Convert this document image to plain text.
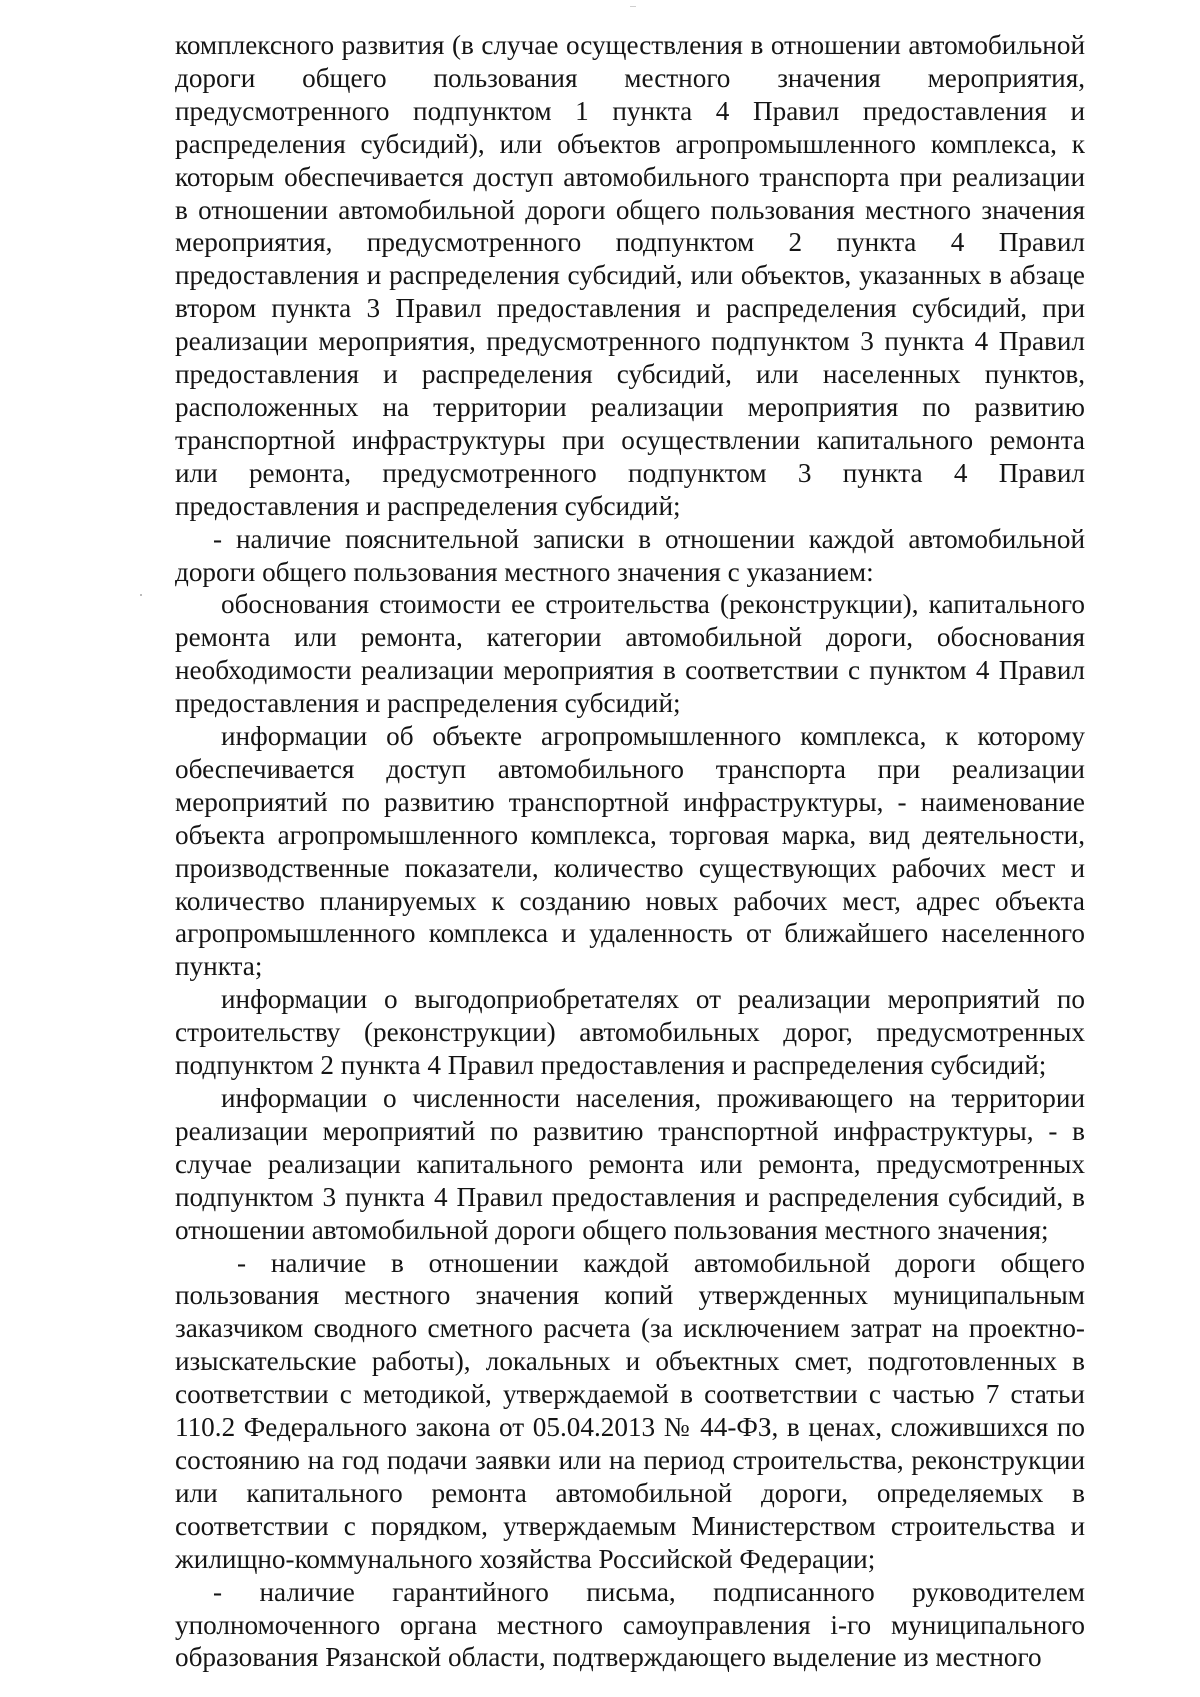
комплексного развития (в случае осуществления в отношении автомобильной дороги общего пользования местного значения мероприятия, предусмотренного подпунктом 1 пункта 4 Правил предоставления и распределения субсидий), или объектов агропромышленного комплекса, к которым обеспечивается доступ автомобильного транспорта при реализации в отношении автомобильной дороги общего пользования местного значения мероприятия, предусмотренного подпунктом 2 пункта 4 Правил предоставления и распределения субсидий, или объектов, указанных в абзаце втором пункта 3 Правил предоставления и распределения субсидий, при реализации мероприятия, предусмотренного подпунктом 3 пункта 4 Правил предоставления и распределения субсидий, или населенных пунктов, расположенных на территории реализации мероприятия по развитию транспортной инфраструктуры при осуществлении капитального ремонта или ремонта, предусмотренного подпунктом 3 пункта 4 Правил предоставления и распределения субсидий;

- наличие пояснительной записки в отношении каждой автомобильной дороги общего пользования местного значения с указанием:

обоснования стоимости ее строительства (реконструкции), капитального ремонта или ремонта, категории автомобильной дороги, обоснования необходимости реализации мероприятия в соответствии с пунктом 4 Правил предоставления и распределения субсидий;

информации об объекте агропромышленного комплекса, к которому обеспечивается доступ автомобильного транспорта при реализации мероприятий по развитию транспортной инфраструктуры, - наименование объекта агропромышленного комплекса, торговая марка, вид деятельности, производственные показатели, количество существующих рабочих мест и количество планируемых к созданию новых рабочих мест, адрес объекта агропромышленного комплекса и удаленность от ближайшего населенного пункта;

информации о выгодоприобретателях от реализации мероприятий по строительству (реконструкции) автомобильных дорог, предусмотренных подпунктом 2 пункта 4 Правил предоставления и распределения субсидий;

информации о численности населения, проживающего на территории реализации мероприятий по развитию транспортной инфраструктуры, - в случае реализации капитального ремонта или ремонта, предусмотренных подпунктом 3 пункта 4 Правил предоставления и распределения субсидий, в отношении автомобильной дороги общего пользования местного значения;

- наличие в отношении каждой автомобильной дороги общего пользования местного значения копий утвержденных муниципальным заказчиком сводного сметного расчета (за исключением затрат на проектно-изыскательские работы), локальных и объектных смет, подготовленных в соответствии с методикой, утверждаемой в соответствии с частью 7 статьи 110.2 Федерального закона от 05.04.2013 № 44-ФЗ, в ценах, сложившихся по состоянию на год подачи заявки или на период строительства, реконструкции или капитального ремонта автомобильной дороги, определяемых в соответствии с порядком, утверждаемым Министерством строительства и жилищно-коммунального хозяйства Российской Федерации;

- наличие гарантийного письма, подписанного руководителем уполномоченного органа местного самоуправления i-го муниципального образования Рязанской области, подтверждающего выделение из местного
